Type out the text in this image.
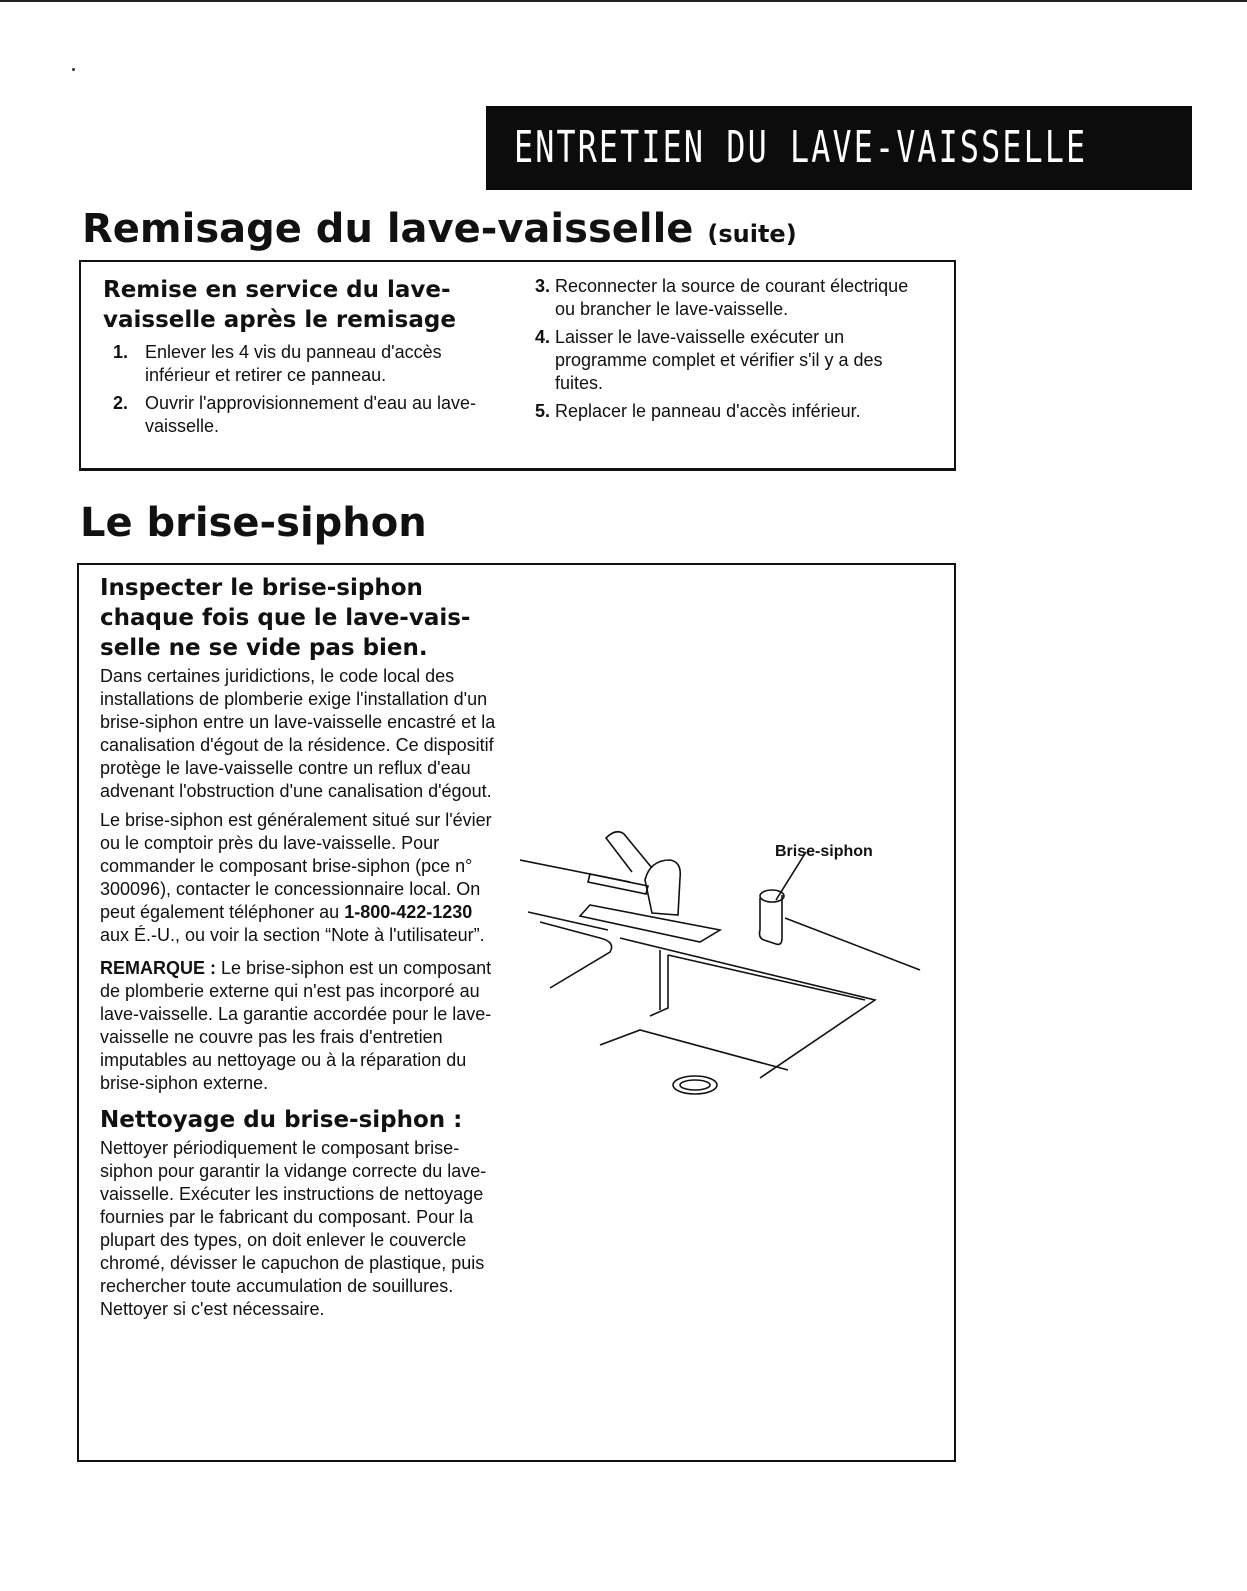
ENTRETIEN DU LAVE-VAISSELLE
Remisage du lave-vaisselle (suite)
Remise en service du lave-
vaisselle après le remisage
1. Enlever les 4 vis du panneau d'accès inférieur et retirer ce panneau.
2. Ouvrir l'approvisionnement d'eau au lave-vaisselle.
3. Reconnecter la source de courant électrique ou brancher le lave-vaisselle.
4. Laisser le lave-vaisselle exécuter un programme complet et vérifier s'il y a des fuites.
5. Replacer le panneau d'accès inférieur.
Le brise-siphon
Inspecter le brise-siphon
chaque fois que le lave-vais-
selle ne se vide pas bien.

Dans certaines juridictions, le code local des installations de plomberie exige l'installation d'un brise-siphon entre un lave-vaisselle encastré et la canalisation d'égout de la résidence. Ce dispositif protège le lave-vaisselle contre un reflux d'eau advenant l'obstruction d'une canalisation d'égout.

Le brise-siphon est généralement situé sur l'évier ou le comptoir près du lave-vaisselle. Pour commander le composant brise-siphon (pce n° 300096), contacter le concessionnaire local. On peut également téléphoner au 1-800-422-1230 aux É.-U., ou voir la section “Note à l'utilisateur”.

REMARQUE : Le brise-siphon est un composant de plomberie externe qui n'est pas incorporé au lave-vaisselle. La garantie accordée pour le lave-vaisselle ne couvre pas les frais d'entretien imputables au nettoyage ou à la réparation du brise-siphon externe.

Nettoyage du brise-siphon :

Nettoyer périodiquement le composant brise-siphon pour garantir la vidange correcte du lave-vaisselle. Exécuter les instructions de nettoyage fournies par le fabricant du composant. Pour la plupart des types, on doit enlever le couvercle chromé, dévisser le capuchon de plastique, puis rechercher toute accumulation de souillures. Nettoyer si c'est nécessaire.

Brise-siphon
